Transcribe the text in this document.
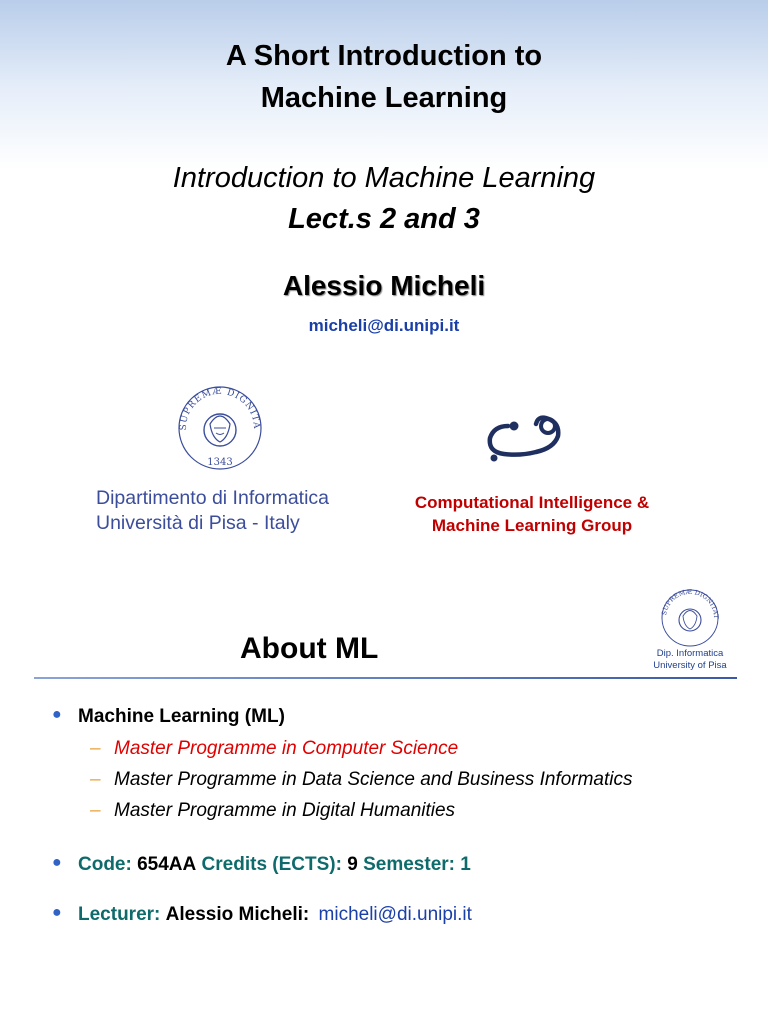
A Short Introduction to
Machine Learning
Introduction to Machine Learning
Lect.s 2 and 3
Alessio Micheli
micheli@di.unipi.it
SUPREMÆ DIGNITA
1343
Dipartimento di Informatica
Università di Pisa - Italy
Computational Intelligence &
Machine Learning Group
About ML
SUPREMÆ DIGNITAT
Dip. Informatica
University of Pisa
● Machine Learning (ML)
– Master Programme in Computer Science
– Master Programme in Data Science and Business Informatics
– Master Programme in Digital Humanities
● Code: 654AA Credits (ECTS): 9 Semester: 1
● Lecturer: Alessio Micheli: micheli@di.unipi.it
